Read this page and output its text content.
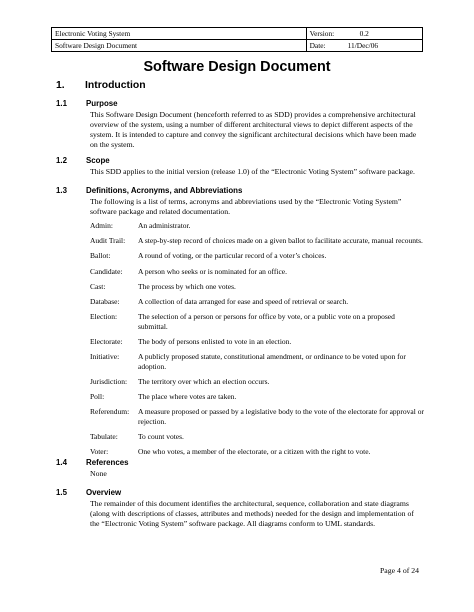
Electronic Voting System	Version: 0.2
Software Design Document	Date: 11/Dec/06
Software Design Document
1. Introduction
1.1 Purpose
This Software Design Document (henceforth referred to as SDD) provides a comprehensive architectural overview of the system, using a number of different architectural views to depict different aspects of the system. It is intended to capture and convey the significant architectural decisions which have been made on the system.
1.2 Scope
This SDD applies to the initial version (release 1.0) of the “Electronic Voting System” software package.
1.3 Definitions, Acronyms, and Abbreviations
The following is a list of terms, acronyms and abbreviations used by the “Electronic Voting System” software package and related documentation.
Admin:	An administrator.
Audit Trail:	A step-by-step record of choices made on a given ballot to facilitate accurate, manual recounts.
Ballot:	A round of voting, or the particular record of a voter’s choices.
Candidate:	A person who seeks or is nominated for an office.
Cast:	The process by which one votes.
Database:	A collection of data arranged for ease and speed of retrieval or search.
Election:	The selection of a person or persons for office by vote, or a public vote on a proposed submittal.
Electorate:	The body of persons enlisted to vote in an election.
Initiative:	A publicly proposed statute, constitutional amendment, or ordinance to be voted upon for adoption.
Jurisdiction:	The territory over which an election occurs.
Poll:	The place where votes are taken.
Referendum:	A measure proposed or passed by a legislative body to the vote of the electorate for approval or rejection.
Tabulate:	To count votes.
Voter:	One who votes, a member of the electorate, or a citizen with the right to vote.
1.4 References
None
1.5 Overview
The remainder of this document identifies the architectural, sequence, collaboration and state diagrams (along with descriptions of classes, attributes and methods) needed for the design and implementation of the “Electronic Voting System” software package. All diagrams conform to UML standards.
Page 4 of 24
